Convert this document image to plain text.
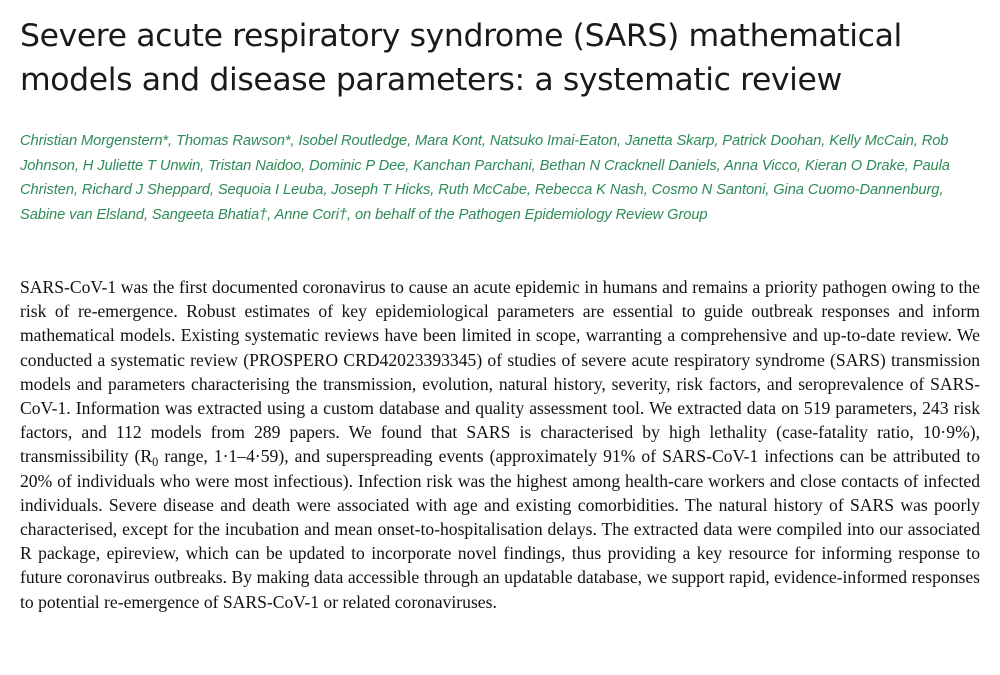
Severe acute respiratory syndrome (SARS) mathematical
models and disease parameters: a systematic review
Christian Morgenstern*, Thomas Rawson*, Isobel Routledge, Mara Kont, Natsuko Imai-Eaton, Janetta Skarp, Patrick Doohan, Kelly McCain, Rob Johnson, H Juliette T Unwin, Tristan Naidoo, Dominic P Dee, Kanchan Parchani, Bethan N Cracknell Daniels, Anna Vicco, Kieran O Drake, Paula Christen, Richard J Sheppard, Sequoia I Leuba, Joseph T Hicks, Ruth McCabe, Rebecca K Nash, Cosmo N Santoni, Gina Cuomo-Dannenburg, Sabine van Elsland, Sangeeta Bhatia†, Anne Cori†, on behalf of the Pathogen Epidemiology Review Group

SARS-CoV-1 was the first documented coronavirus to cause an acute epidemic in humans and remains a priority pathogen owing to the risk of re-emergence. Robust estimates of key epidemiological parameters are essential to guide outbreak responses and inform mathematical models. Existing systematic reviews have been limited in scope, warranting a comprehensive and up-to-date review. We conducted a systematic review (PROSPERO CRD42023393345) of studies of severe acute respiratory syndrome (SARS) transmission models and parameters characterising the transmission, evolution, natural history, severity, risk factors, and seroprevalence of SARS-CoV-1. Information was extracted using a custom database and quality assessment tool. We extracted data on 519 parameters, 243 risk factors, and 112 models from 289 papers. We found that SARS is characterised by high lethality (case-fatality ratio, 10·9%), transmissibility ($R_0$ range, 1·1–4·59), and superspreading events (approximately 91% of SARS-CoV-1 infections can be attributed to 20% of individuals who were most infectious). Infection risk was the highest among health-care workers and close contacts of infected individuals. Severe disease and death were associated with age and existing comorbidities. The natural history of SARS was poorly characterised, except for the incubation and mean onset-to-hospitalisation delays. The extracted data were compiled into our associated R package, epireview, which can be updated to incorporate novel findings, thus providing a key resource for informing response to future coronavirus outbreaks. By making data accessible through an updatable database, we support rapid, evidence-informed responses to potential re-emergence of SARS-CoV-1 or related coronaviruses.
